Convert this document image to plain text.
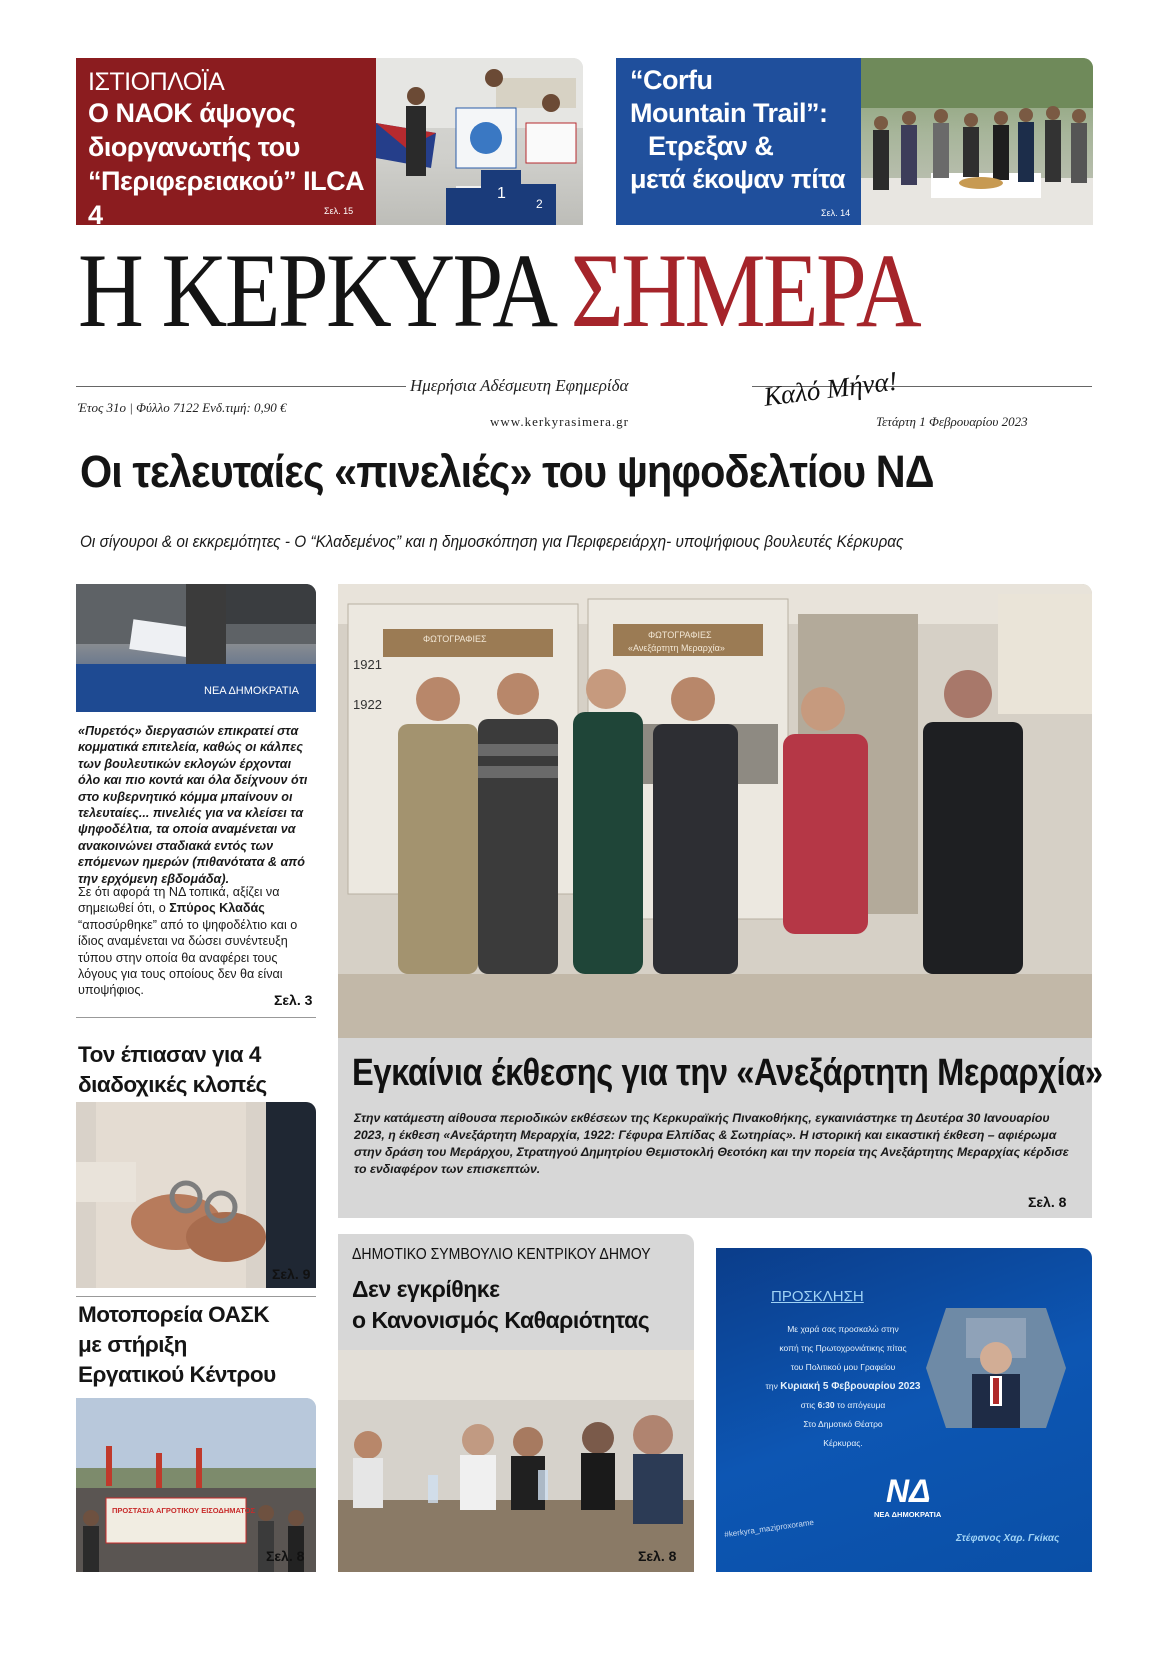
ΙΣΤΙΟΠΛΟΪΑ
Ο ΝΑΟΚ άψογος
διοργανωτής του
“Περιφερειακού” ILCA 4	Σελ. 15
1
2
“Corfu
Mountain Trail”:
Ετρεξαν &
μετά έκοψαν πίτα
Σελ. 14
Η ΚΕΡΚΥΡΑ ΣΗΜΕΡΑ
Ημερήσια Αδέσμευτη Εφημερίδα	Καλό Μήνα!
Έτος 31ο | Φύλλο 7122 Ενδ.τιμή: 0,90 €
www.kerkyrasimera.gr	Τετάρτη 1 Φεβρουαρίου 2023
Οι τελευταίες «πινελιές» του ψηφοδελτίου ΝΔ
Οι σίγουροι & οι εκκρεμότητες - Ο “Κλαδεμένος” και η δημοσκόπηση για Περιφερειάρχη- υποψήφιους βουλευτές Κέρκυρας
ΝΕΑ ΔΗΜΟΚΡΑΤΙΑ
«Πυρετός» διεργασιών επικρατεί στα κομματικά επιτελεία, καθώς οι κάλπες των βουλευτικών εκλογών έρχονται όλο και πιο κοντά και όλα δείχνουν ότι στο κυβερνητικό κόμμα μπαίνουν οι τελευταίες... πινελιές για να κλείσει τα ψηφοδέλτια, τα οποία αναμένεται να ανακοινώνει σταδιακά εντός των επόμενων ημερών (πιθανότατα & από την ερχόμενη εβδομάδα).
Σε ότι αφορά τη ΝΔ τοπικά, αξίζει να σημειωθεί ότι, ο Σπύρος Κλαδάς “αποσύρθηκε” από το ψηφοδέλτιο και ο ίδιος αναμένεται να δώσει συνέντευξη τύπου στην οποία θα αναφέρει τους λόγους για τους οποίους δεν θα είναι υποψήφιος.
Σελ. 3
ΦΩΤΟΓΡΑΦΙΕΣ
1921
1922
ΦΩΤΟΓΡΑΦΙΕΣ
«Ανεξάρτητη Μεραρχία»
Εγκαίνια έκθεσης για την «Ανεξάρτητη Μεραρχία»
Στην κατάμεστη αίθουσα περιοδικών εκθέσεων της Κερκυραϊκής Πινακοθήκης, εγκαινιάστηκε τη Δευτέρα 30 Ιανουαρίου 2023, η έκθεση «Ανεξάρτητη Μεραρχία, 1922: Γέφυρα Ελπίδας & Σωτηρίας». Η ιστορική και εικαστική έκθεση – αφιέρωμα στην δράση του Μεράρχου, Στρατηγού Δημητρίου Θεμιστοκλή Θεοτόκη και την πορεία της Ανεξάρτητης Μεραρχίας κέρδισε το ενδιαφέρον των επισκεπτών.
Σελ. 8
Τον έπιασαν για 4
διαδοχικές κλοπές
Σελ. 9
Μοτοπορεία ΟΑΣΚ
με στήριξη
Εργατικού Κέντρου
ΠΡΟΣΤΑΣΙΑ ΑΓΡΟΤΙΚΟΥ ΕΙΣΟΔΗΜΑΤΟΣ
Σελ. 8
ΔΗΜΟΤΙΚΟ ΣΥΜΒΟΥΛΙΟ ΚΕΝΤΡΙΚΟΥ ΔΗΜΟΥ
Δεν εγκρίθηκε
ο Κανονισμός Καθαριότητας
Σελ. 8
ΠΡΟΣΚΛΗΣΗ
Με χαρά σας προσκαλώ στην
κοπή της Πρωτοχρονιάτικης πίτας
του Πολιτικού μου Γραφείου
την Κυριακή 5 Φεβρουαρίου 2023
στις 6:30 το απόγευμα
Στο Δημοτικό Θέατρο
Κέρκυρας.
ΝΔ
ΝΕΑ ΔΗΜΟΚΡΑΤΙΑ
#kerkyra_maziproxorame	Στέφανος Χαρ. Γκίκας
